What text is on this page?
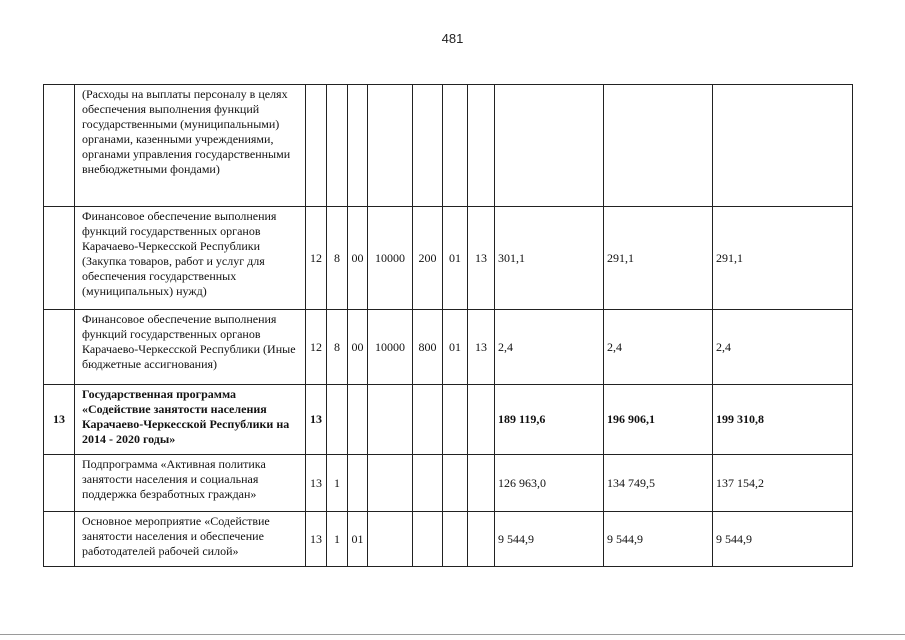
481
	(Расходы на выплаты персоналу в целях обеспечения выполнения функций государственными (муниципальными) органами, казенными учреждениями, органами управления государственными внебюджетными фондами)										
	Финансовое обеспечение выполнения функций государственных органов Карачаево-Черкесской Республики (Закупка товаров, работ и услуг для обеспечения государственных (муниципальных) нужд)	12	8	00	10000	200	01	13	301,1	291,1	291,1
	Финансовое обеспечение выполнения функций государственных органов Карачаево-Черкесской Республики (Иные бюджетные ассигнования)	12	8	00	10000	800	01	13	2,4	2,4	2,4
13	Государственная программа «Содействие занятости населения Карачаево-Черкесской Республики на 2014 - 2020 годы»	13							189 119,6	196 906,1	199 310,8
	Подпрограмма «Активная политика занятости населения и социальная поддержка безработных граждан»	13	1						126 963,0	134 749,5	137 154,2
	Основное мероприятие «Содействие занятости населения и обеспечение работодателей рабочей силой»	13	1	01					9 544,9	9 544,9	9 544,9
